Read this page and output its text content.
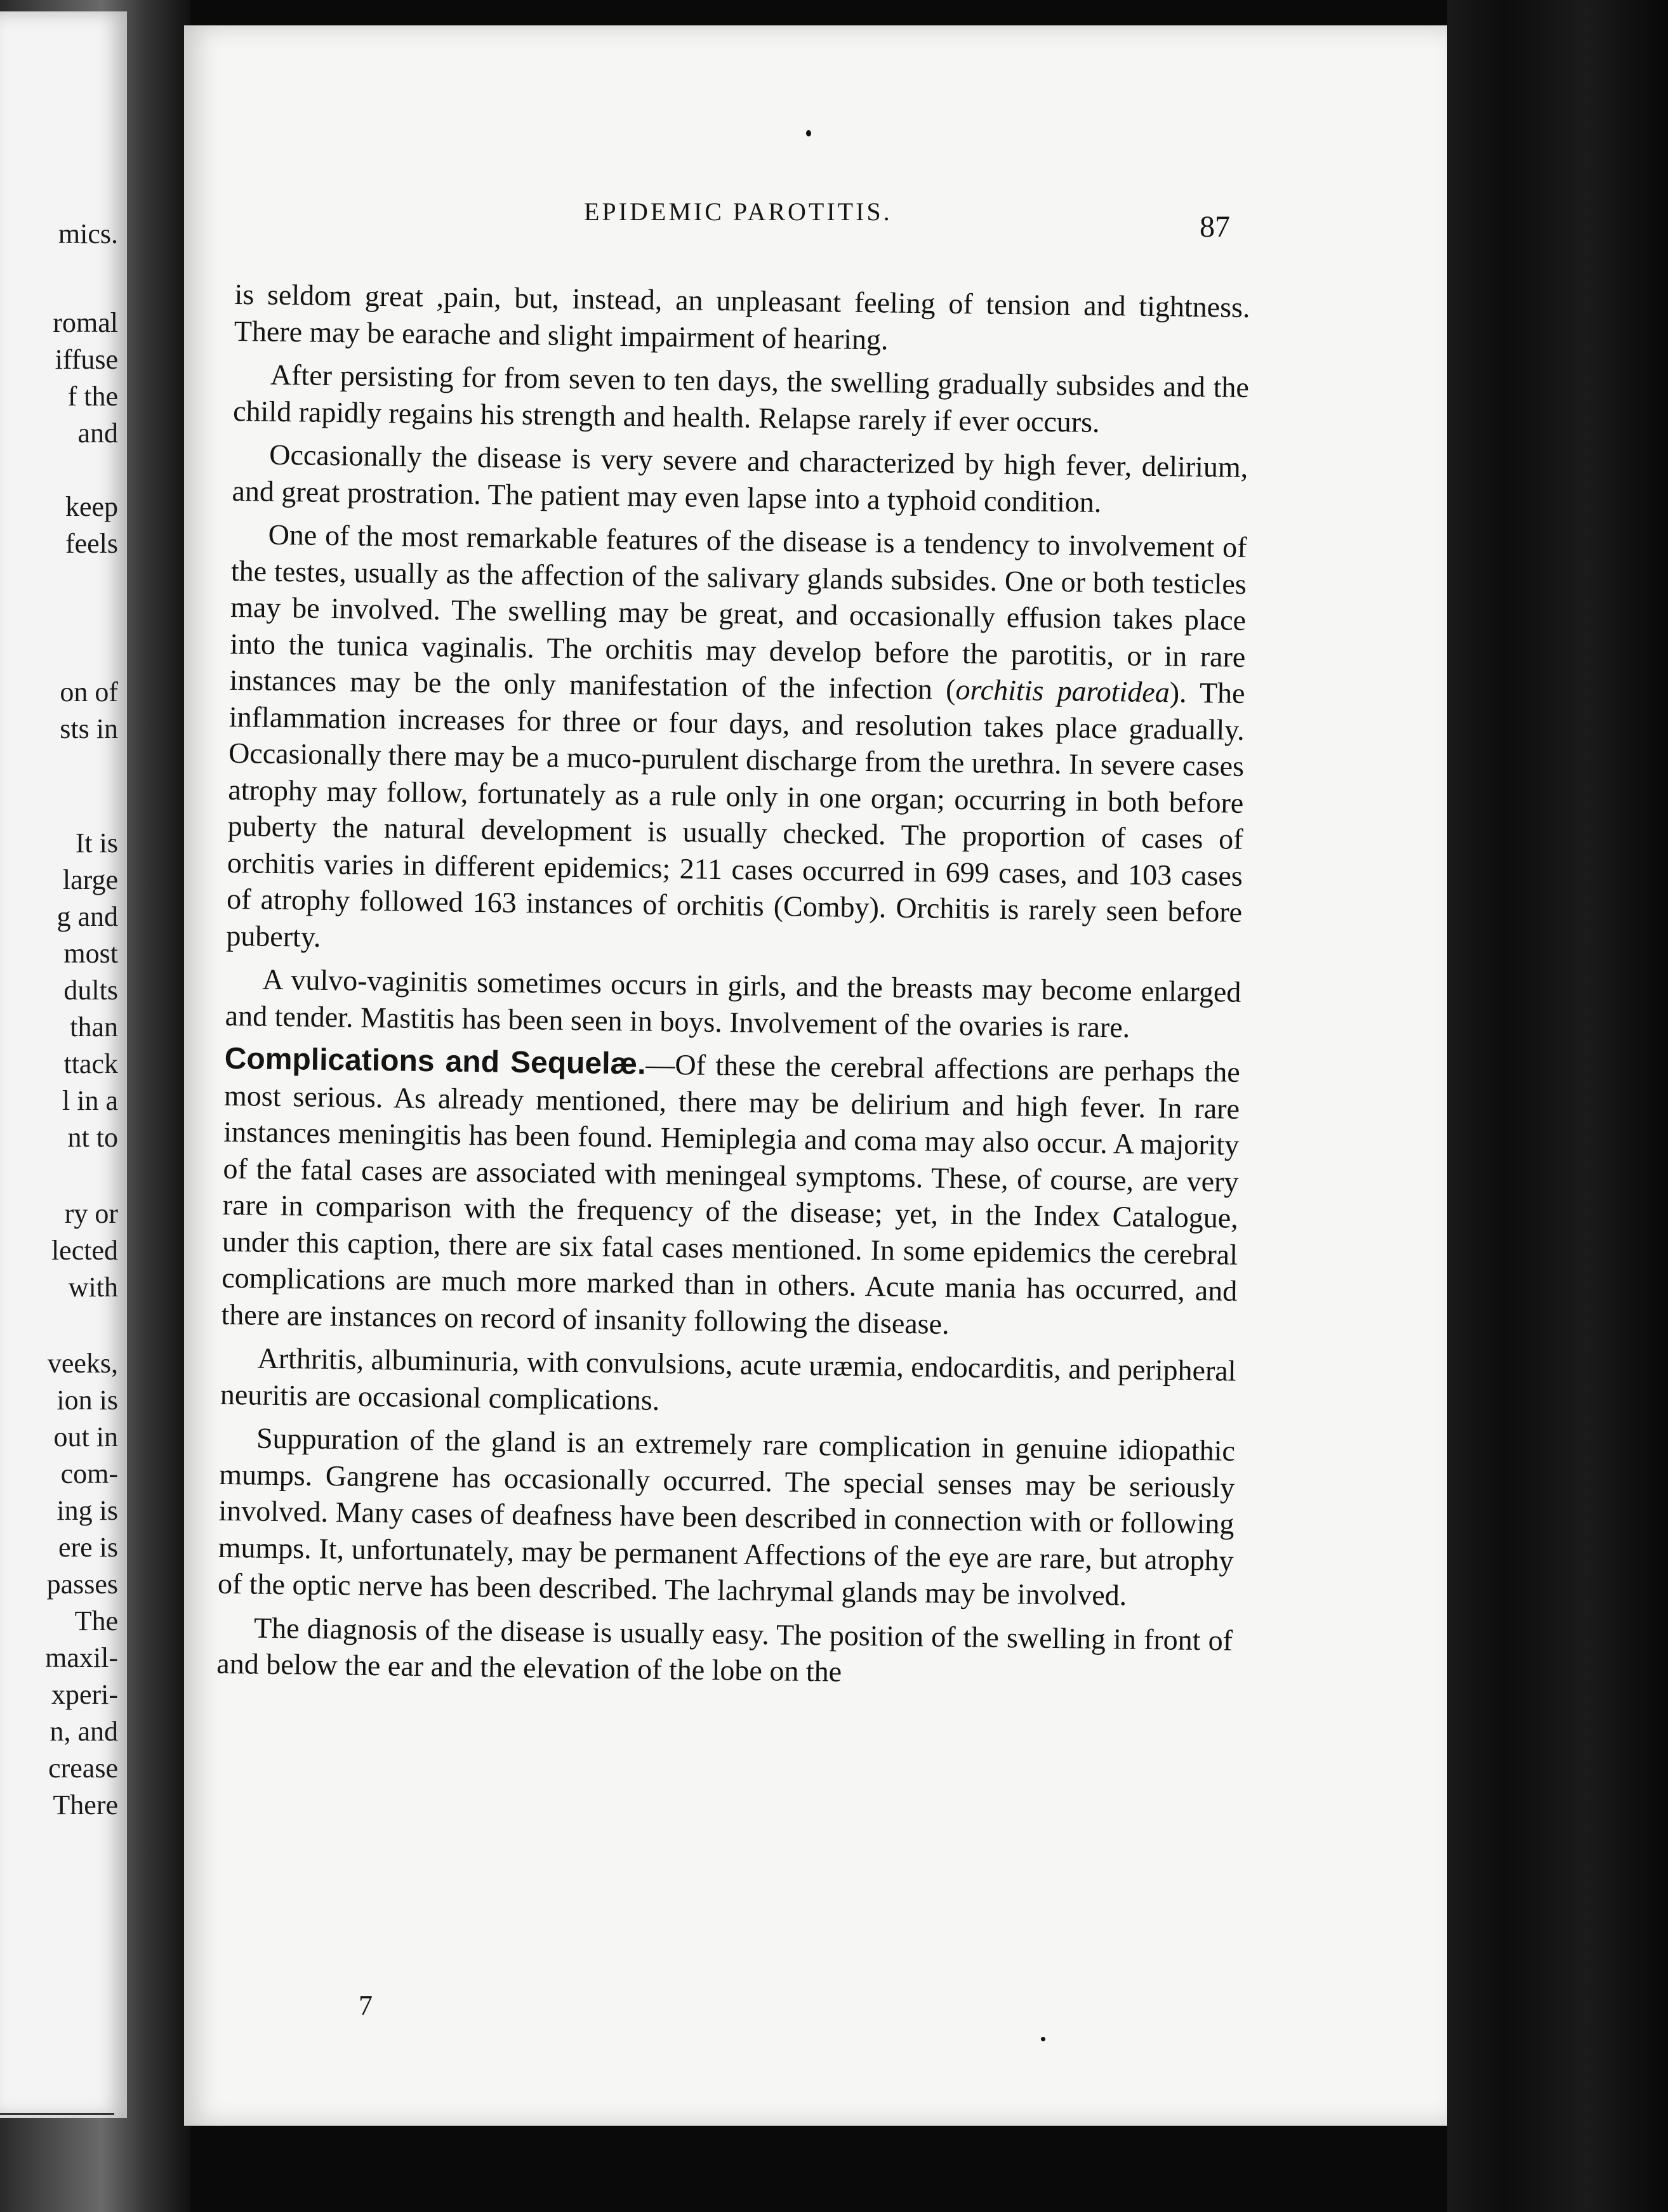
mics.
romal
iffuse
f the
and
keep
feels
on of
sts in
It is
large
g and
most
dults
than
ttack
l in a
nt to
ry or
lected
with
veeks,
ion is
out in
com-
ing is
ere is
passes
The
maxil-
xperi-
n, and
crease
There
EPIDEMIC PAROTITIS.	87

is seldom great ,pain, but, instead, an unpleasant feeling of tension and tightness. There may be earache and slight impairment of hearing.

After persisting for from seven to ten days, the swelling gradually subsides and the child rapidly regains his strength and health. Relapse rarely if ever occurs.

Occasionally the disease is very severe and characterized by high fever, delirium, and great prostration. The patient may even lapse into a typhoid condition.

One of the most remarkable features of the disease is a tendency to involvement of the testes, usually as the affection of the salivary glands subsides. One or both testicles may be involved. The swelling may be great, and occasionally effusion takes place into the tunica vaginalis. The orchitis may develop before the parotitis, or in rare instances may be the only manifestation of the infection (orchitis parotidea). The inflammation increases for three or four days, and resolution takes place gradually. Occasionally there may be a muco-purulent discharge from the urethra. In severe cases atrophy may follow, fortunately as a rule only in one organ; occurring in both before puberty the natural development is usually checked. The proportion of cases of orchitis varies in different epidemics; 211 cases occurred in 699 cases, and 103 cases of atrophy followed 163 instances of orchitis (Comby). Orchitis is rarely seen before puberty.

A vulvo-vaginitis sometimes occurs in girls, and the breasts may become enlarged and tender. Mastitis has been seen in boys. Involvement of the ovaries is rare.

Complications and Sequelæ.—Of these the cerebral affections are perhaps the most serious. As already mentioned, there may be delirium and high fever. In rare instances meningitis has been found. Hemiplegia and coma may also occur. A majority of the fatal cases are associated with meningeal symptoms. These, of course, are very rare in comparison with the frequency of the disease; yet, in the Index Catalogue, under this caption, there are six fatal cases mentioned. In some epidemics the cerebral complications are much more marked than in others. Acute mania has occurred, and there are instances on record of insanity following the disease.

Arthritis, albuminuria, with convulsions, acute uræmia, endocarditis, and peripheral neuritis are occasional complications.

Suppuration of the gland is an extremely rare complication in genuine idiopathic mumps. Gangrene has occasionally occurred. The special senses may be seriously involved. Many cases of deafness have been described in connection with or following mumps. It, unfortunately, may be permanent Affections of the eye are rare, but atrophy of the optic nerve has been described. The lachrymal glands may be involved.

The diagnosis of the disease is usually easy. The position of the swelling in front of and below the ear and the elevation of the lobe on the

7
